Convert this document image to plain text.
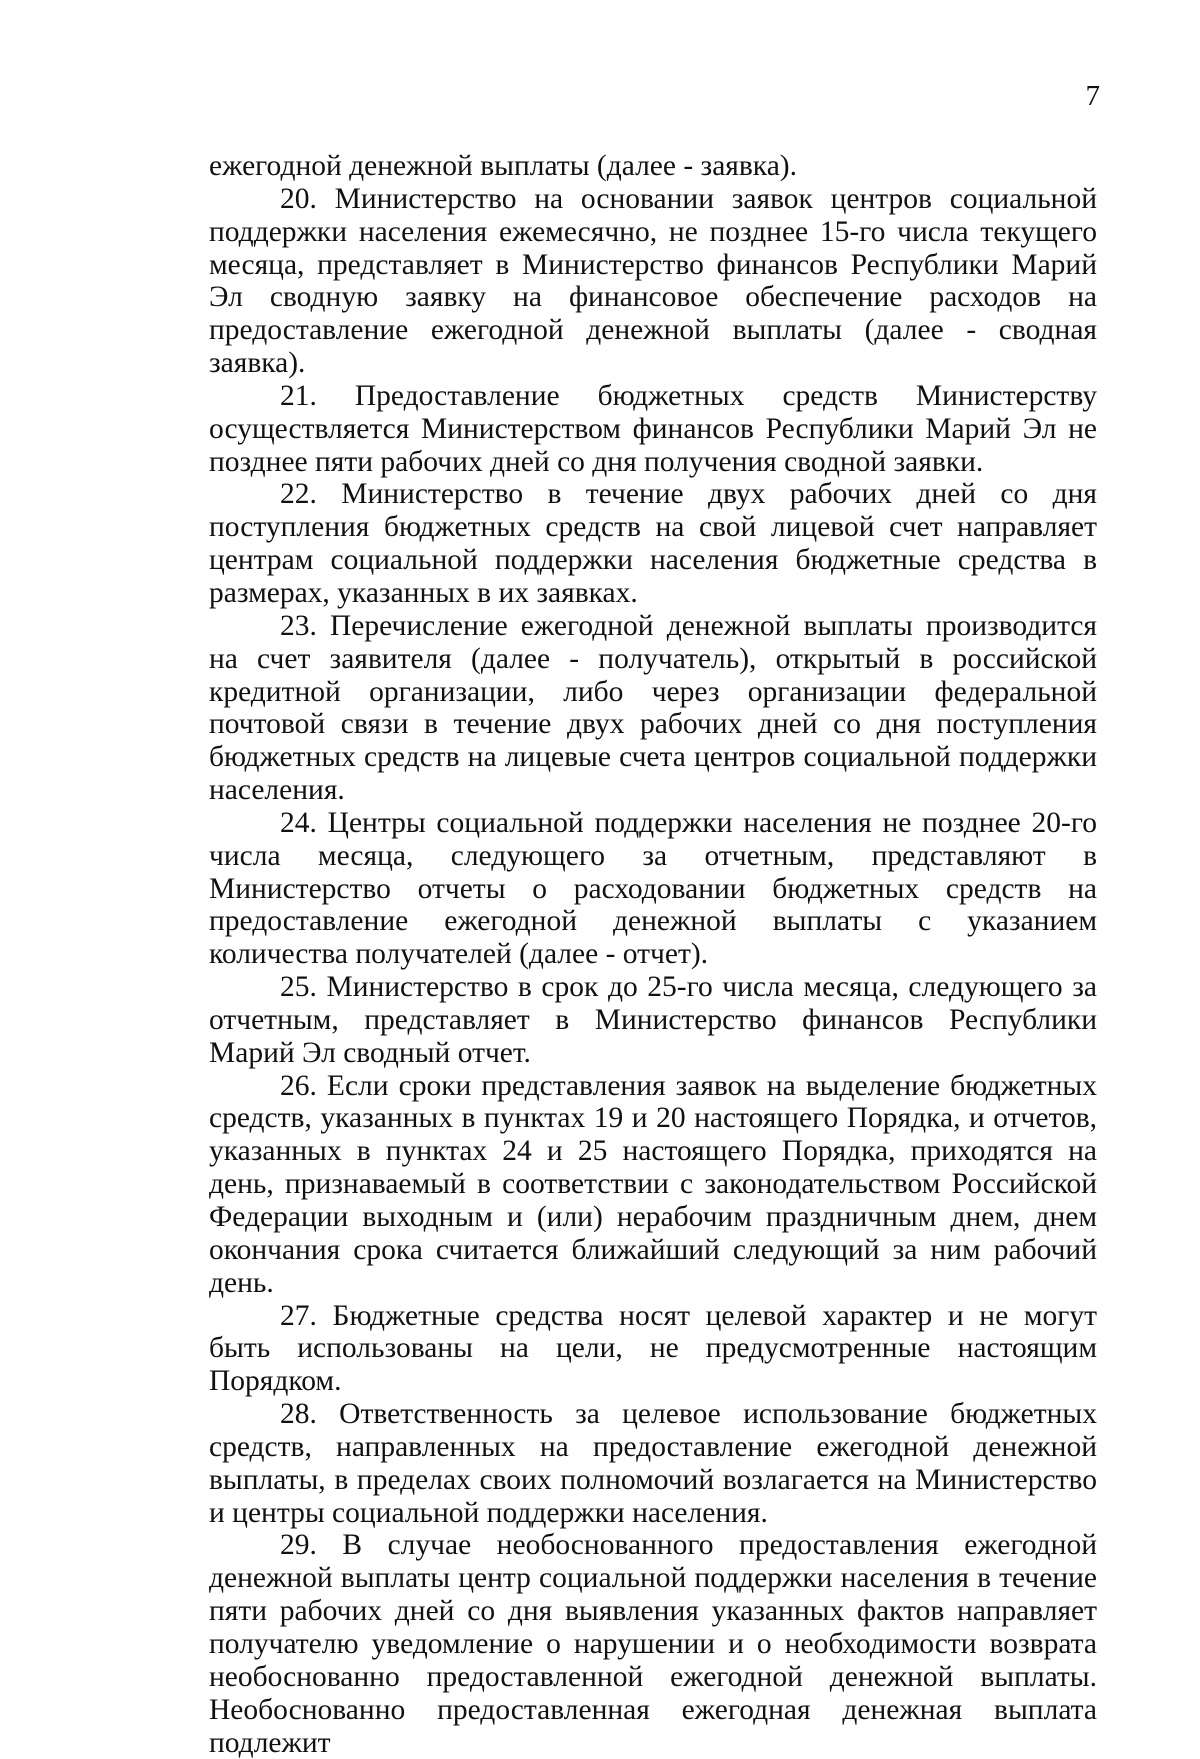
7

ежегодной денежной выплаты (далее - заявка).

20. Министерство на основании заявок центров социальной поддержки населения ежемесячно, не позднее 15-го числа текущего месяца, представляет в Министерство финансов Республики Марий Эл сводную заявку на финансовое обеспечение расходов на предоставление ежегодной денежной выплаты (далее - сводная заявка).

21. Предоставление бюджетных средств Министерству осуществляется Министерством финансов Республики Марий Эл не позднее пяти рабочих дней со дня получения сводной заявки.

22. Министерство в течение двух рабочих дней со дня поступления бюджетных средств на свой лицевой счет направляет центрам социальной поддержки населения бюджетные средства в размерах, указанных в их заявках.

23. Перечисление ежегодной денежной выплаты производится на счет заявителя (далее - получатель), открытый в российской кредитной организации, либо через организации федеральной почтовой связи в течение двух рабочих дней со дня поступления бюджетных средств на лицевые счета центров социальной поддержки населения.

24. Центры социальной поддержки населения не позднее 20-го числа месяца, следующего за отчетным, представляют в Министерство отчеты о расходовании бюджетных средств на предоставление ежегодной денежной выплаты с указанием количества получателей (далее - отчет).

25. Министерство в срок до 25-го числа месяца, следующего за отчетным, представляет в Министерство финансов Республики Марий Эл сводный отчет.

26. Если сроки представления заявок на выделение бюджетных средств, указанных в пунктах 19 и 20 настоящего Порядка, и отчетов, указанных в пунктах 24 и 25 настоящего Порядка, приходятся на день, признаваемый в соответствии с законодательством Российской Федерации выходным и (или) нерабочим праздничным днем, днем окончания срока считается ближайший следующий за ним рабочий день.

27. Бюджетные средства носят целевой характер и не могут быть использованы на цели, не предусмотренные настоящим Порядком.

28. Ответственность за целевое использование бюджетных средств, направленных на предоставление ежегодной денежной выплаты, в пределах своих полномочий возлагается на Министерство и центры социальной поддержки населения.

29. В случае необоснованного предоставления ежегодной денежной выплаты центр социальной поддержки населения в течение пяти рабочих дней со дня выявления указанных фактов направляет получателю уведомление о нарушении и о необходимости возврата необоснованно предоставленной ежегодной денежной выплаты. Необоснованно предоставленная ежегодная денежная выплата подлежит
